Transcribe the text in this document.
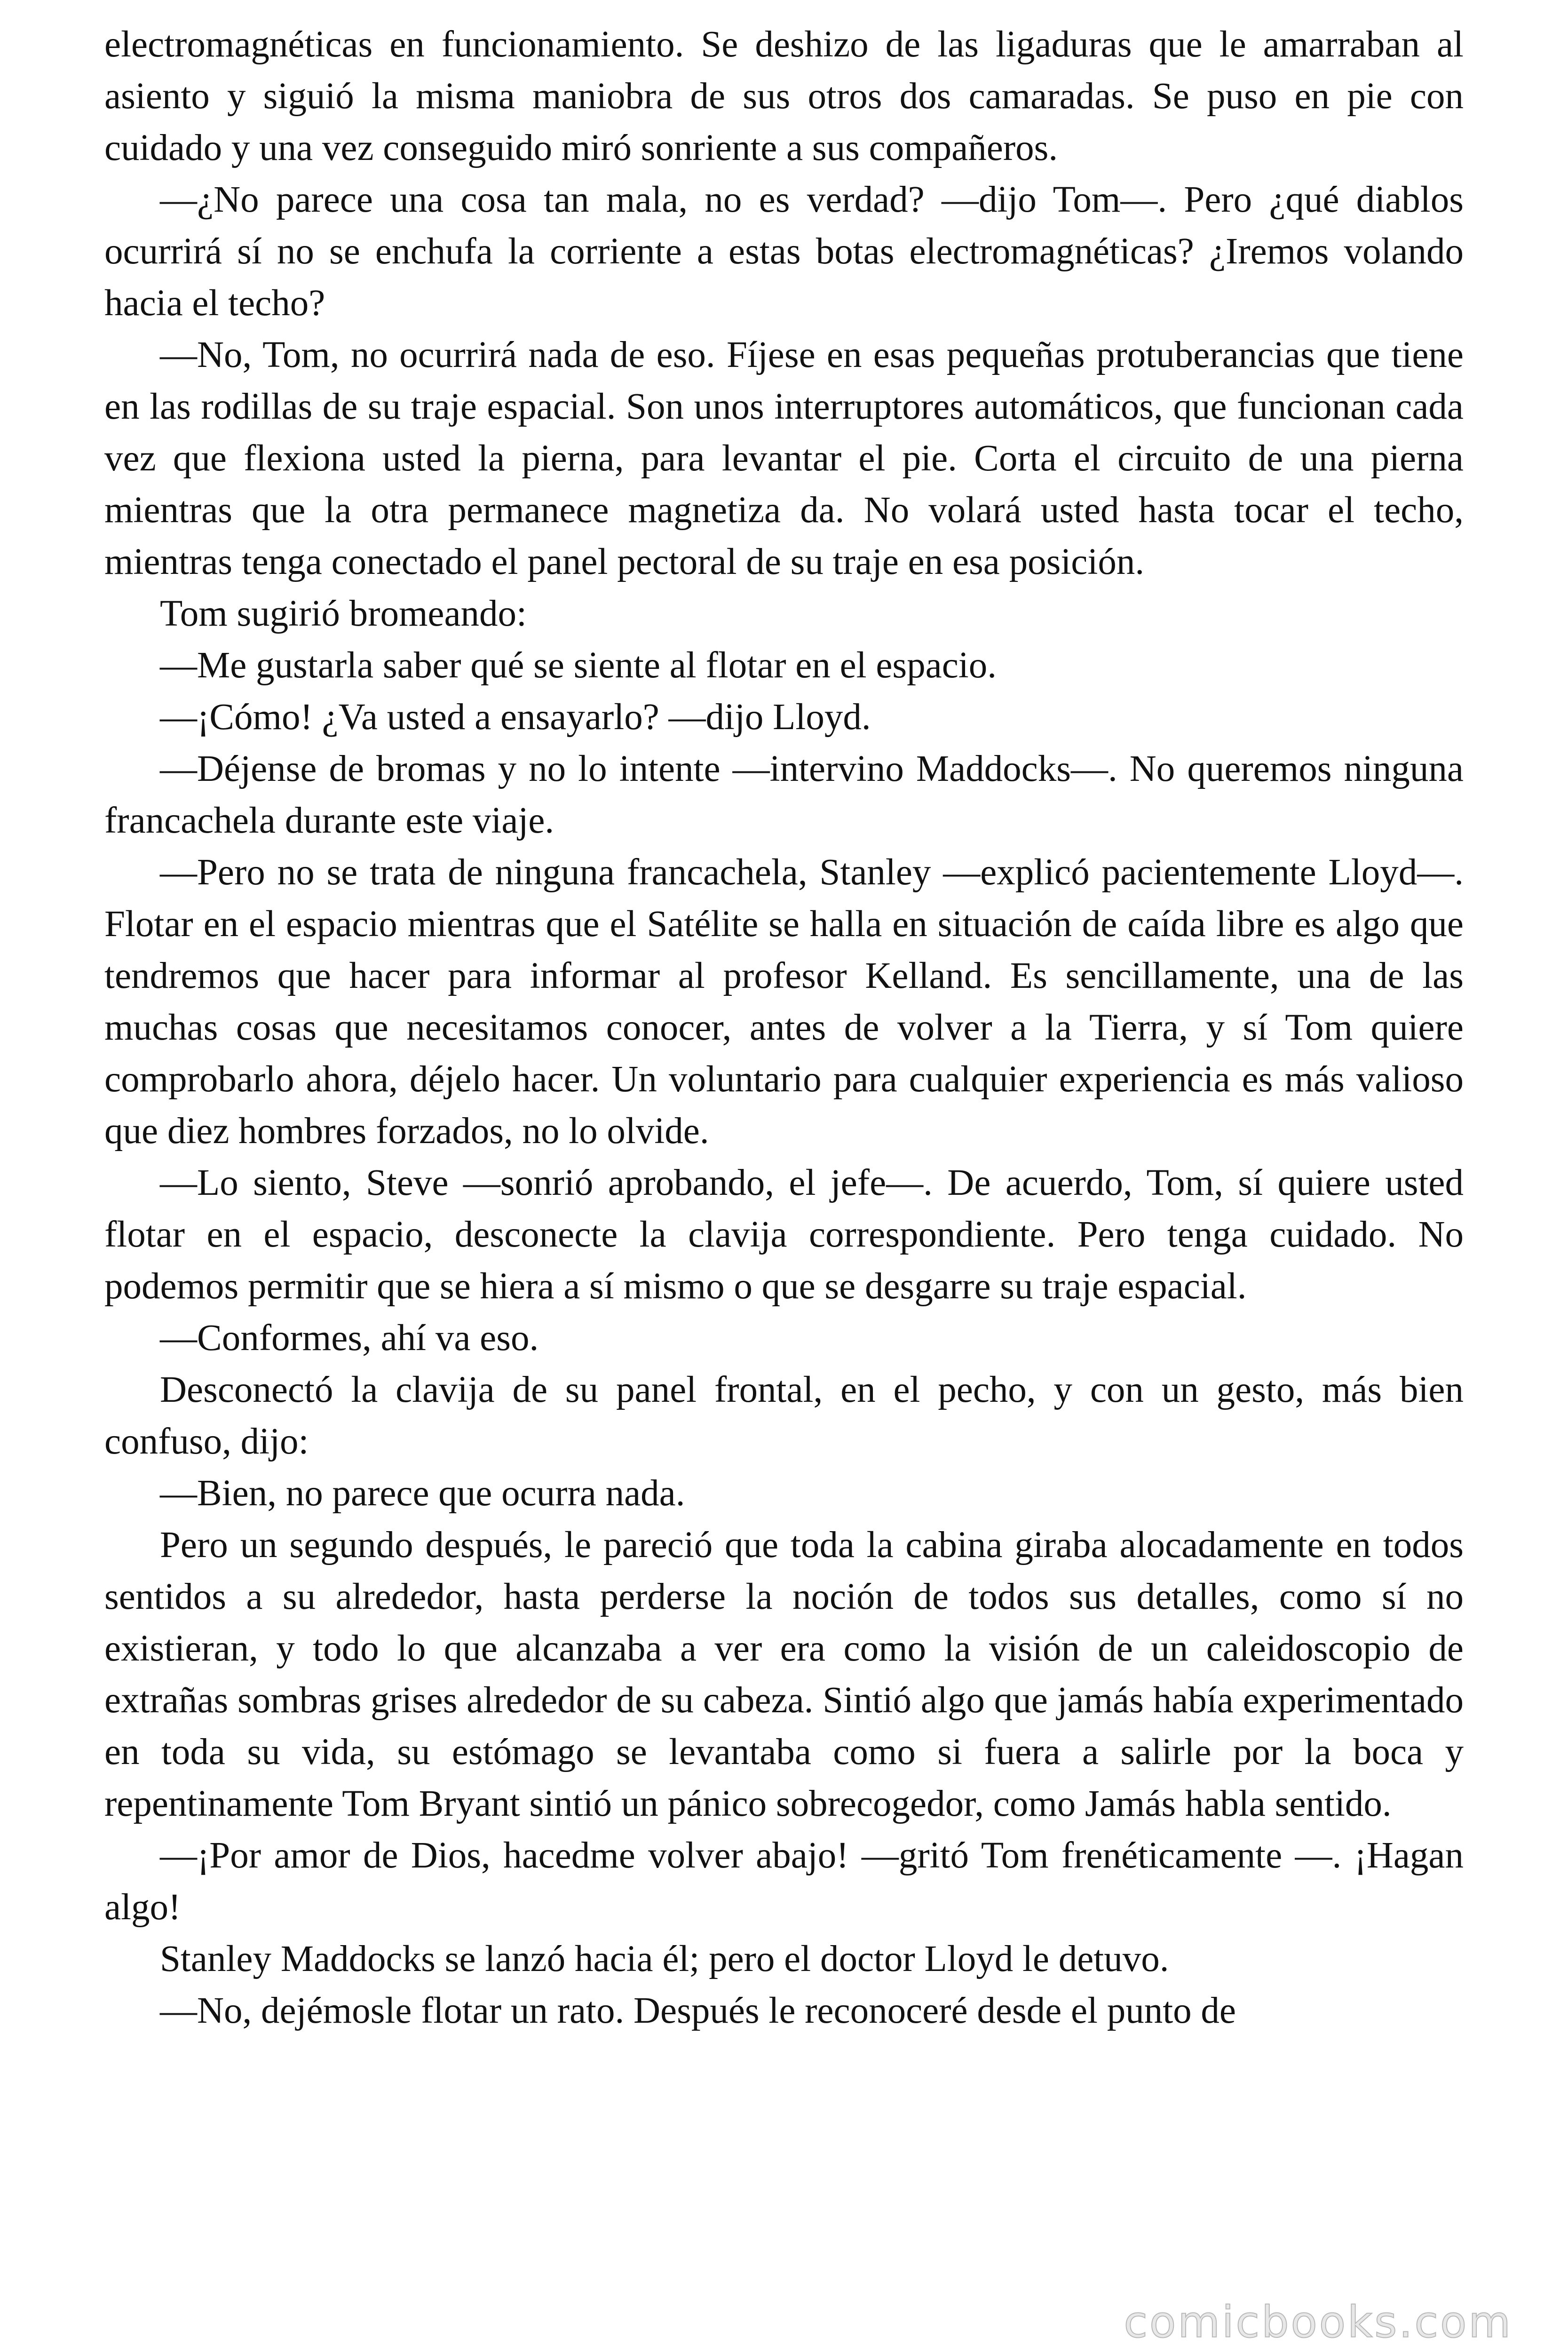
electromagnéticas en funcionamiento. Se deshizo de las ligaduras que le amarraban al asiento y siguió la misma maniobra de sus otros dos camaradas. Se puso en pie con cuidado y una vez conseguido miró sonriente a sus compañeros.

—¿No parece una cosa tan mala, no es verdad? —dijo Tom—. Pero ¿qué diablos ocurrirá sí no se enchufa la corriente a estas botas electromagnéticas? ¿Iremos volando hacia el techo?

—No, Tom, no ocurrirá nada de eso. Fíjese en esas pequeñas protuberancias que tiene en las rodillas de su traje espacial. Son unos interruptores automáticos, que funcionan cada vez que flexiona usted la pierna, para levantar el pie. Corta el circuito de una pierna mientras que la otra permanece magnetiza da. No volará usted hasta tocar el techo, mientras tenga conectado el panel pectoral de su traje en esa posición.

Tom sugirió bromeando:

—Me gustarla saber qué se siente al flotar en el espacio.

—¡Cómo! ¿Va usted a ensayarlo? —dijo Lloyd.

—Déjense de bromas y no lo intente —intervino Maddocks—. No queremos ninguna francachela durante este viaje.

—Pero no se trata de ninguna francachela, Stanley —explicó pacientemente Lloyd—. Flotar en el espacio mientras que el Satélite se halla en situación de caída libre es algo que tendremos que hacer para informar al profesor Kelland. Es sencillamente, una de las muchas cosas que necesitamos conocer, antes de volver a la Tierra, y sí Tom quiere comprobarlo ahora, déjelo hacer. Un voluntario para cualquier experiencia es más valioso que diez hombres forzados, no lo olvide.

—Lo siento, Steve —sonrió aprobando, el jefe—. De acuerdo, Tom, sí quiere usted flotar en el espacio, desconecte la clavija correspondiente. Pero tenga cuidado. No podemos permitir que se hiera a sí mismo o que se desgarre su traje espacial.

—Conformes, ahí va eso.

Desconectó la clavija de su panel frontal, en el pecho, y con un gesto, más bien confuso, dijo:

—Bien, no parece que ocurra nada.

Pero un segundo después, le pareció que toda la cabina giraba alocadamente en todos sentidos a su alrededor, hasta perderse la noción de todos sus detalles, como sí no existieran, y todo lo que alcanzaba a ver era como la visión de un caleidoscopio de extrañas sombras grises alrededor de su cabeza. Sintió algo que jamás había experimentado en toda su vida, su estómago se levantaba como si fuera a salirle por la boca y repentinamente Tom Bryant sintió un pánico sobrecogedor, como Jamás habla sentido.

—¡Por amor de Dios, hacedme volver abajo! —gritó Tom frenéticamente —. ¡Hagan algo!

Stanley Maddocks se lanzó hacia él; pero el doctor Lloyd le detuvo.

—No, dejémosle flotar un rato. Después le reconoceré desde el punto de

comicbooks.com
